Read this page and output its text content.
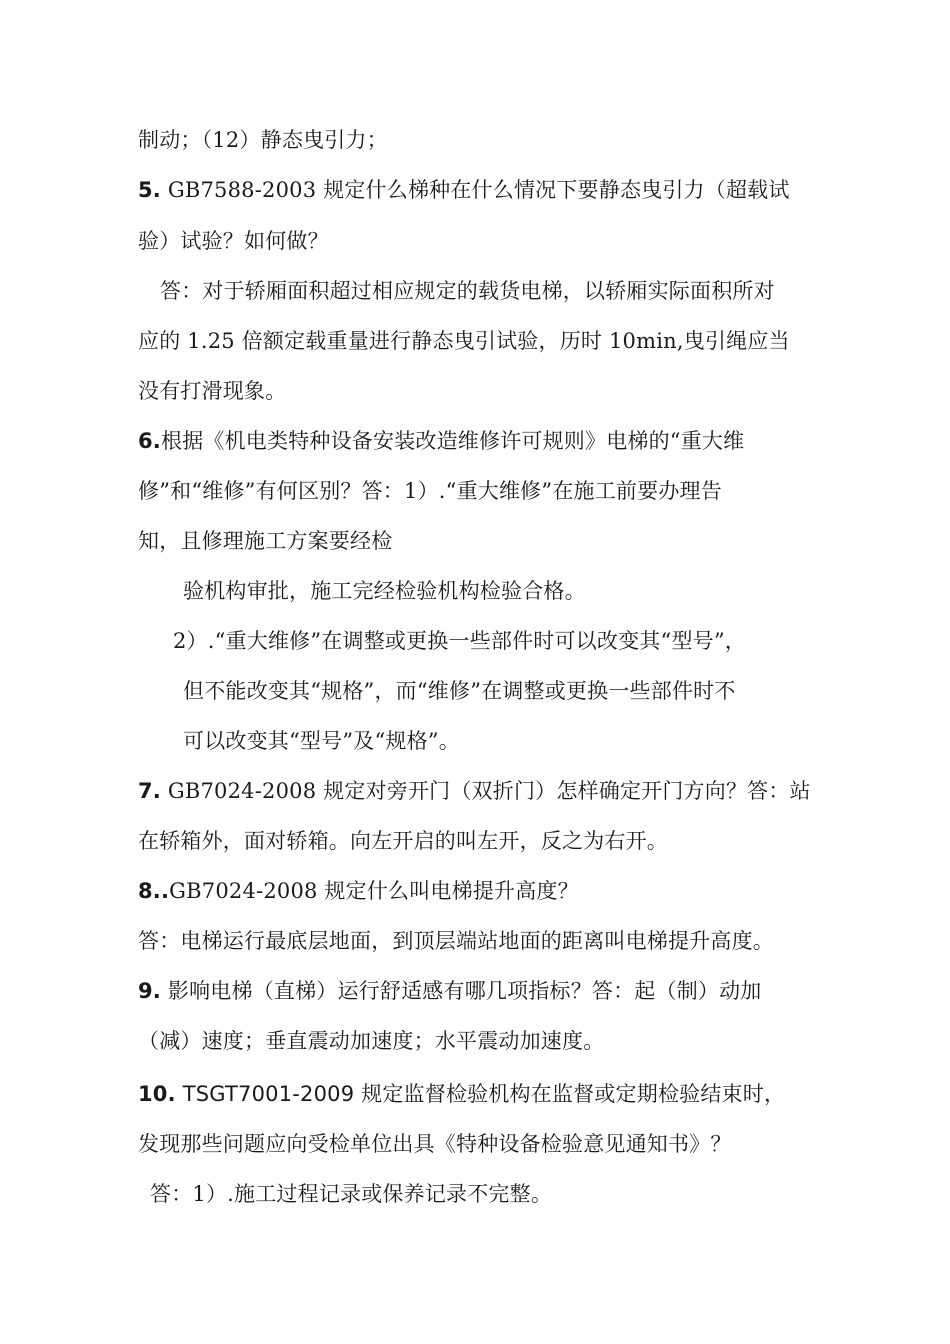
制动；（12）静态曳引力；
5. GB7588-2003 规定什么梯种在什么情况下要静态曳引力（超载试
验）试验？如何做？
答：对于轿厢面积超过相应规定的载货电梯，以轿厢实际面积所对
应的 1.25 倍额定载重量进行静态曳引试验，历时 10min,曳引绳应当
没有打滑现象。
6.根据《机电类特种设备安装改造维修许可规则》电梯的“重大维
修”和“维修”有何区别？答：1）.“重大维修”在施工前要办理告
知，且修理施工方案要经检
验机构审批，施工完经检验机构检验合格。
2）.“重大维修”在调整或更换一些部件时可以改变其“型号”，
但不能改变其“规格”，而“维修”在调整或更换一些部件时不
可以改变其“型号”及“规格”。
7. GB7024-2008 规定对旁开门（双折门）怎样确定开门方向？答：站
在轿箱外，面对轿箱。向左开启的叫左开，反之为右开。
8..GB7024-2008 规定什么叫电梯提升高度？
答：电梯运行最底层地面，到顶层端站地面的距离叫电梯提升高度。
9. 影响电梯（直梯）运行舒适感有哪几项指标？答：起（制）动加
（减）速度；垂直震动加速度；水平震动加速度。
10. TSGT7001-2009 规定监督检验机构在监督或定期检验结束时，
发现那些问题应向受检单位出具《特种设备检验意见通知书》？
答：1）.施工过程记录或保养记录不完整。
